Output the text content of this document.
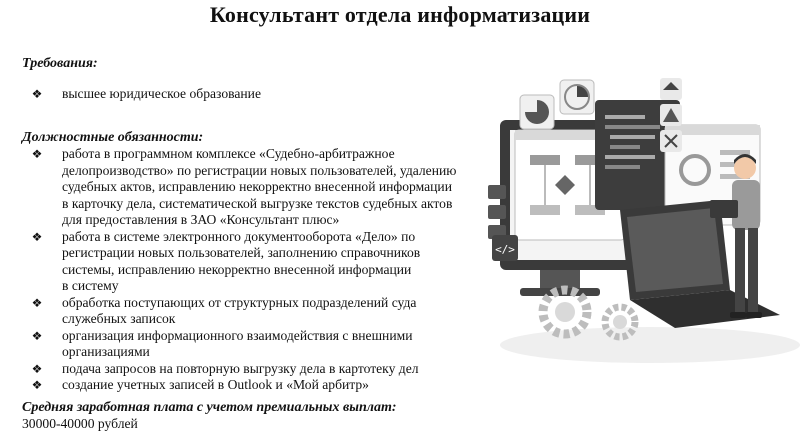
Консультант отдела информатизации
Требования:
❖ высшее юридическое образование
Должностные обязанности:
❖ работа в программном комплексе «Судебно-арбитражное
делопроизводство» по регистрации новых пользователей, удалению
судебных актов, исправлению некорректно внесенной информации
в карточку дела, систематической выгрузке текстов судебных актов
для предоставления в ЗАО «Консультант плюс»
❖ работа в системе электронного документооборота «Дело» по
регистрации новых пользователей, заполнению справочников
системы, исправлению некорректно внесенной информации
в систему
❖ обработка поступающих от структурных подразделений суда
служебных записок
❖ организация информационного взаимодействия с внешними
организациями
❖ подача запросов на повторную выгрузку дела в картотеку дел
❖ создание учетных записей в Outlook и «Мой арбитр»
Средняя заработная плата с учетом премиальных выплат:
30000-40000 рублей
</>
